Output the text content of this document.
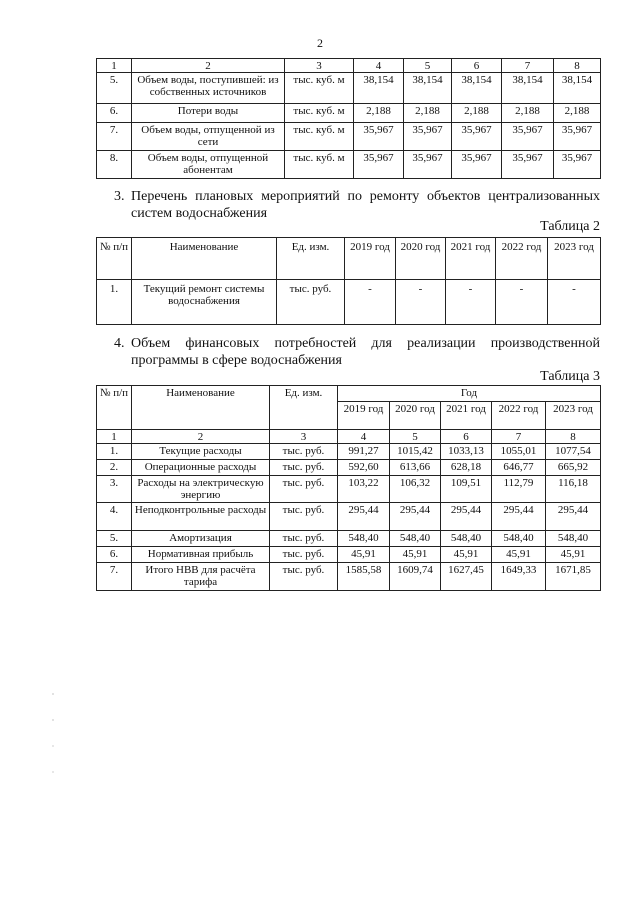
2
1	2	3	4	5	6	7	8
5.	Объем воды, поступившей: из собственных источников	тыс. куб. м	38,154	38,154	38,154	38,154	38,154
6.	Потери воды	тыс. куб. м	2,188	2,188	2,188	2,188	2,188
7.	Объем воды, отпущенной из сети	тыс. куб. м	35,967	35,967	35,967	35,967	35,967
8.	Объем воды, отпущенной абонентам	тыс. куб. м	35,967	35,967	35,967	35,967	35,967
3. Перечень плановых мероприятий по ремонту объектов централизованных систем водоснабжения
Таблица 2
№ п/п	Наименование	Ед. изм.	2019 год	2020 год	2021 год	2022 год	2023 год
1.	Текущий ремонт системы водоснабжения	тыс. руб.	-	-	-	-	-
4. Объем финансовых потребностей для реализации производственной программы в сфере водоснабжения
Таблица 3
№ п/п	Наименование	Ед. изм.	Год				
			2019 год	2020 год	2021 год	2022 год	2023 год
1	2	3	4	5	6	7	8
1.	Текущие расходы	тыс. руб.	991,27	1015,42	1033,13	1055,01	1077,54
2.	Операционные расходы	тыс. руб.	592,60	613,66	628,18	646,77	665,92
3.	Расходы на электрическую энергию	тыс. руб.	103,22	106,32	109,51	112,79	116,18
4.	Неподконтрольные расходы	тыс. руб.	295,44	295,44	295,44	295,44	295,44
5.	Амортизация	тыс. руб.	548,40	548,40	548,40	548,40	548,40
6.	Нормативная прибыль	тыс. руб.	45,91	45,91	45,91	45,91	45,91
7.	Итого НВВ для расчёта тарифа	тыс. руб.	1585,58	1609,74	1627,45	1649,33	1671,85
